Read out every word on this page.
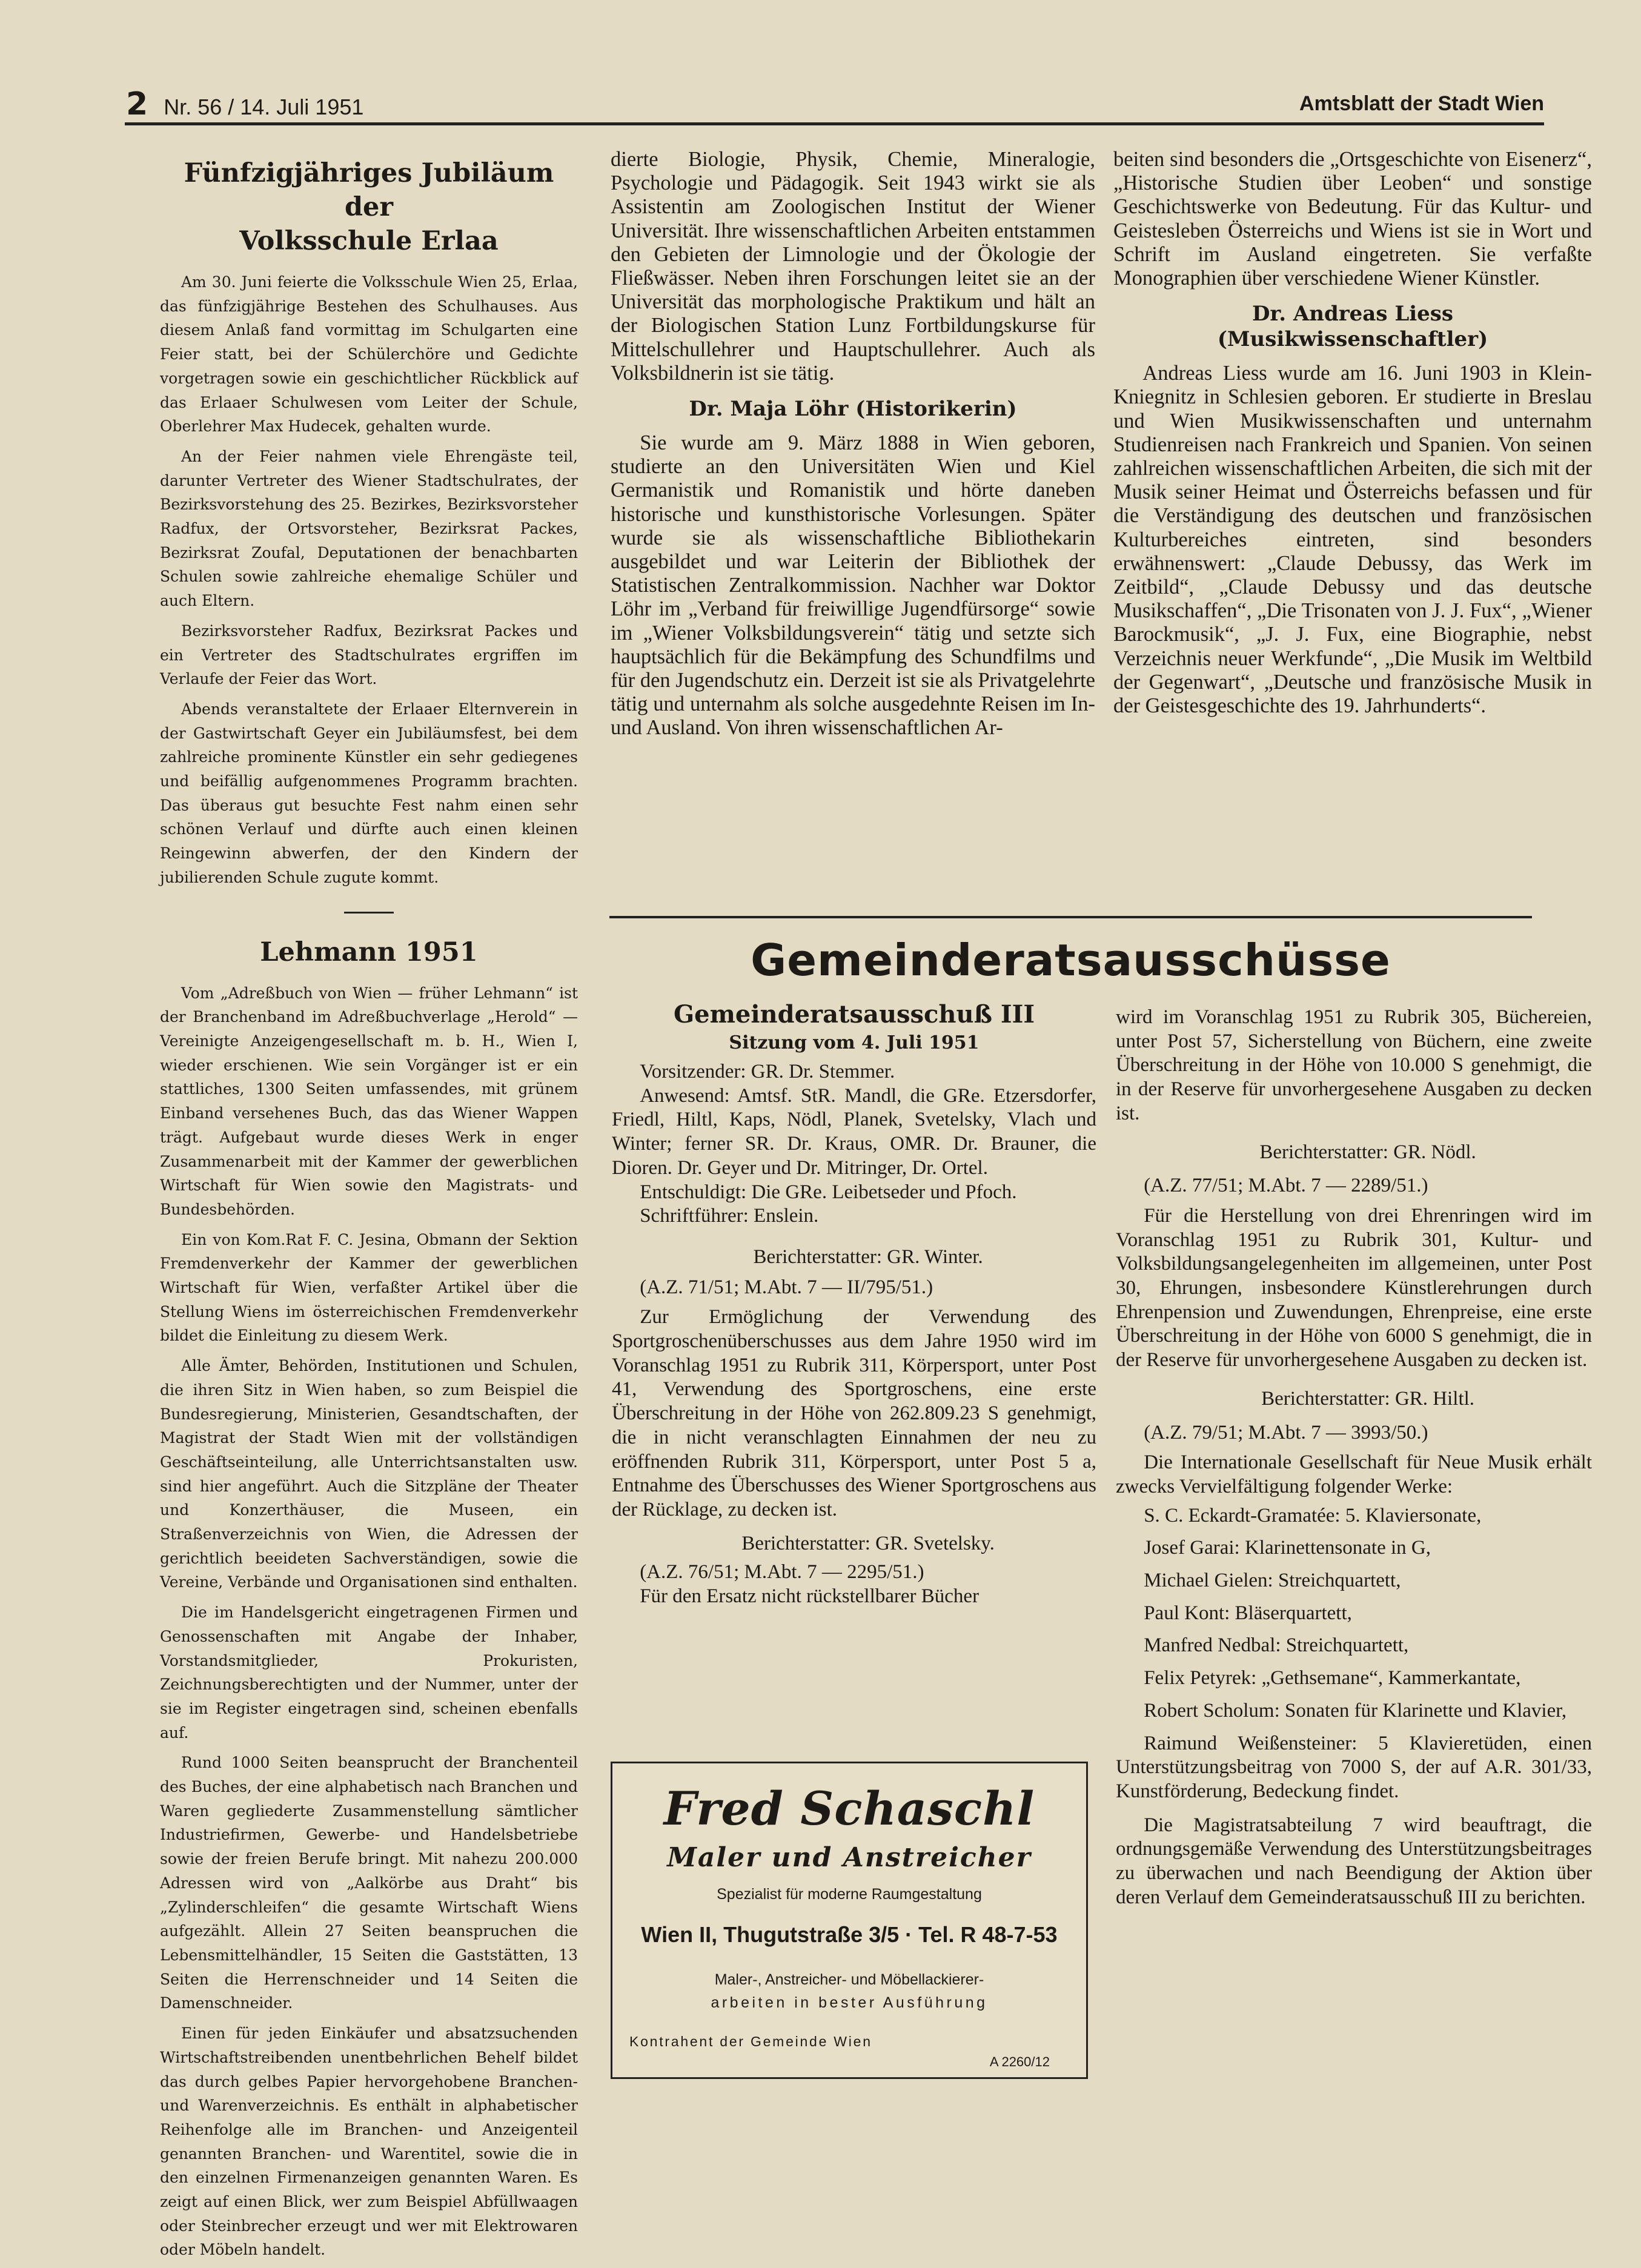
2 Nr. 56 / 14. Juli 1951	Amtsblatt der Stadt Wien
Fünfzigjähriges Jubiläum der
Volksschule Erlaa

Am 30. Juni feierte die Volksschule Wien 25, Erlaa, das fünfzigjährige Bestehen des Schulhauses. Aus diesem Anlaß fand vormittag im Schulgarten eine Feier statt, bei der Schülerchöre und Gedichte vorgetragen sowie ein geschichtlicher Rückblick auf das Erlaaer Schulwesen vom Leiter der Schule, Oberlehrer Max Hudecek, gehalten wurde.

An der Feier nahmen viele Ehrengäste teil, darunter Vertreter des Wiener Stadtschulrates, der Bezirksvorstehung des 25. Bezirkes, Bezirksvorsteher Radfux, der Ortsvorsteher, Bezirksrat Packes, Bezirksrat Zoufal, Deputationen der benachbarten Schulen sowie zahlreiche ehemalige Schüler und auch Eltern.

Bezirksvorsteher Radfux, Bezirksrat Packes und ein Vertreter des Stadtschulrates ergriffen im Verlaufe der Feier das Wort.

Abends veranstaltete der Erlaaer Elternverein in der Gastwirtschaft Geyer ein Jubiläumsfest, bei dem zahlreiche prominente Künstler ein sehr gediegenes und beifällig aufgenommenes Programm brachten. Das überaus gut besuchte Fest nahm einen sehr schönen Verlauf und dürfte auch einen kleinen Reingewinn abwerfen, der den Kindern der jubilierenden Schule zugute kommt.

Lehmann 1951

Vom „Adreßbuch von Wien — früher Lehmann“ ist der Branchenband im Adreßbuchverlage „Herold“ — Vereinigte Anzeigengesellschaft m. b. H., Wien I, wieder erschienen. Wie sein Vorgänger ist er ein stattliches, 1300 Seiten umfassendes, mit grünem Einband versehenes Buch, das das Wiener Wappen trägt. Aufgebaut wurde dieses Werk in enger Zusammenarbeit mit der Kammer der gewerblichen Wirtschaft für Wien sowie den Magistrats- und Bundesbehörden.

Ein von Kom.Rat F. C. Jesina, Obmann der Sektion Fremdenverkehr der Kammer der gewerblichen Wirtschaft für Wien, verfaßter Artikel über die Stellung Wiens im österreichischen Fremdenverkehr bildet die Einleitung zu diesem Werk.

Alle Ämter, Behörden, Institutionen und Schulen, die ihren Sitz in Wien haben, so zum Beispiel die Bundesregierung, Ministerien, Gesandtschaften, der Magistrat der Stadt Wien mit der vollständigen Geschäftseinteilung, alle Unterrichtsanstalten usw. sind hier angeführt. Auch die Sitzpläne der Theater und Konzerthäuser, die Museen, ein Straßenverzeichnis von Wien, die Adressen der gerichtlich beeideten Sachverständigen, sowie die Vereine, Verbände und Organisationen sind enthalten.

Die im Handelsgericht eingetragenen Firmen und Genossenschaften mit Angabe der Inhaber, Vorstandsmitglieder, Prokuristen, Zeichnungsberechtigten und der Nummer, unter der sie im Register eingetragen sind, scheinen ebenfalls auf.

Rund 1000 Seiten beansprucht der Branchenteil des Buches, der eine alphabetisch nach Branchen und Waren gegliederte Zusammenstellung sämtlicher Industriefirmen, Gewerbe- und Handelsbetriebe sowie der freien Berufe bringt. Mit nahezu 200.000 Adressen wird von „Aalkörbe aus Draht“ bis „Zylinderschleifen“ die gesamte Wirtschaft Wiens aufgezählt. Allein 27 Seiten beanspruchen die Lebensmittelhändler, 15 Seiten die Gaststätten, 13 Seiten die Herrenschneider und 14 Seiten die Damenschneider.

Einen für jeden Einkäufer und absatzsuchenden Wirtschaftstreibenden unentbehrlichen Behelf bildet das durch gelbes Papier hervorgehobene Branchen- und Warenverzeichnis. Es enthält in alphabetischer Reihenfolge alle im Branchen- und Anzeigenteil genannten Branchen- und Warentitel, sowie die in den einzelnen Firmenanzeigen genannten Waren. Es zeigt auf einen Blick, wer zum Beispiel Abfüllwaagen oder Steinbrecher erzeugt und wer mit Elektrowaren oder Möbeln handelt.

dierte Biologie, Physik, Chemie, Mineralogie, Psychologie und Pädagogik. Seit 1943 wirkt sie als Assistentin am Zoologischen Institut der Wiener Universität. Ihre wissenschaftlichen Arbeiten entstammen den Gebieten der Limnologie und der Ökologie der Fließwässer. Neben ihren Forschungen leitet sie an der Universität das morphologische Praktikum und hält an der Biologischen Station Lunz Fortbildungskurse für Mittelschullehrer und Hauptschullehrer. Auch als Volksbildnerin ist sie tätig.

Dr. Maja Löhr (Historikerin)

Sie wurde am 9. März 1888 in Wien geboren, studierte an den Universitäten Wien und Kiel Germanistik und Romanistik und hörte daneben historische und kunsthistorische Vorlesungen. Später wurde sie als wissenschaftliche Bibliothekarin ausgebildet und war Leiterin der Bibliothek der Statistischen Zentralkommission. Nachher war Doktor Löhr im „Verband für freiwillige Jugendfürsorge“ sowie im „Wiener Volksbildungsverein“ tätig und setzte sich hauptsächlich für die Bekämpfung des Schundfilms und für den Jugendschutz ein. Derzeit ist sie als Privatgelehrte tätig und unternahm als solche ausgedehnte Reisen im In- und Ausland. Von ihren wissenschaftlichen Ar-

beiten sind besonders die „Ortsgeschichte von Eisenerz“, „Historische Studien über Leoben“ und sonstige Geschichtswerke von Bedeutung. Für das Kultur- und Geistesleben Österreichs und Wiens ist sie in Wort und Schrift im Ausland eingetreten. Sie verfaßte Monographien über verschiedene Wiener Künstler.

Dr. Andreas Liess (Musikwissenschaftler)

Andreas Liess wurde am 16. Juni 1903 in Klein-Kniegnitz in Schlesien geboren. Er studierte in Breslau und Wien Musikwissenschaften und unternahm Studienreisen nach Frankreich und Spanien. Von seinen zahlreichen wissenschaftlichen Arbeiten, die sich mit der Musik seiner Heimat und Österreichs befassen und für die Verständigung des deutschen und französischen Kulturbereiches eintreten, sind besonders erwähnenswert: „Claude Debussy, das Werk im Zeitbild“, „Claude Debussy und das deutsche Musikschaffen“, „Die Trisonaten von J. J. Fux“, „Wiener Barockmusik“, „J. J. Fux, eine Biographie, nebst Verzeichnis neuer Werkfunde“, „Die Musik im Weltbild der Gegenwart“, „Deutsche und französische Musik in der Geistesgeschichte des 19. Jahrhunderts“.

Gemeinderatsausschüsse
Gemeinderatsausschuß III
Sitzung vom 4. Juli 1951

Vorsitzender: GR. Dr. Stemmer.

Anwesend: Amtsf. StR. Mandl, die GRe. Etzersdorfer, Friedl, Hiltl, Kaps, Nödl, Planek, Svetelsky, Vlach und Winter; ferner SR. Dr. Kraus, OMR. Dr. Brauner, die Dioren. Dr. Geyer und Dr. Mitringer, Dr. Ortel.

Entschuldigt: Die GRe. Leibetseder und Pfoch.

Schriftführer: Enslein.

Berichterstatter: GR. Winter.

(A.Z. 71/51; M.Abt. 7 — II/795/51.)

Zur Ermöglichung der Verwendung des Sportgroschenüberschusses aus dem Jahre 1950 wird im Voranschlag 1951 zu Rubrik 311, Körpersport, unter Post 41, Verwendung des Sportgroschens, eine erste Überschreitung in der Höhe von 262.809.23 S genehmigt, die in nicht veranschlagten Einnahmen der neu zu eröffnenden Rubrik 311, Körpersport, unter Post 5 a, Entnahme des Überschusses des Wiener Sportgroschens aus der Rücklage, zu decken ist.

Berichterstatter: GR. Svetelsky.

(A.Z. 76/51; M.Abt. 7 — 2295/51.)

Für den Ersatz nicht rückstellbarer Bücher

wird im Voranschlag 1951 zu Rubrik 305, Büchereien, unter Post 57, Sicherstellung von Büchern, eine zweite Überschreitung in der Höhe von 10.000 S genehmigt, die in der Reserve für unvorhergesehene Ausgaben zu decken ist.

Berichterstatter: GR. Nödl.

(A.Z. 77/51; M.Abt. 7 — 2289/51.)

Für die Herstellung von drei Ehrenringen wird im Voranschlag 1951 zu Rubrik 301, Kultur- und Volksbildungsangelegenheiten im allgemeinen, unter Post 30, Ehrungen, insbesondere Künstlerehrungen durch Ehrenpension und Zuwendungen, Ehrenpreise, eine erste Überschreitung in der Höhe von 6000 S genehmigt, die in der Reserve für unvorhergesehene Ausgaben zu decken ist.

Berichterstatter: GR. Hiltl.

(A.Z. 79/51; M.Abt. 7 — 3993/50.)

Die Internationale Gesellschaft für Neue Musik erhält zwecks Vervielfältigung folgender Werke:

S. C. Eckardt-Gramatée: 5. Klaviersonate,

Josef Garai: Klarinettensonate in G,

Michael Gielen: Streichquartett,

Paul Kont: Bläserquartett,

Manfred Nedbal: Streichquartett,

Felix Petyrek: „Gethsemane“, Kammerkantate,

Robert Scholum: Sonaten für Klarinette und Klavier,

Raimund Weißensteiner: 5 Klavieretüden, einen Unterstützungsbeitrag von 7000 S, der auf A.R. 301/33, Kunstförderung, Bedeckung findet.

Die Magistratsabteilung 7 wird beauftragt, die ordnungsgemäße Verwendung des Unterstützungsbeitrages zu überwachen und nach Beendigung der Aktion über deren Verlauf dem Gemeinderatsausschuß III zu berichten.

Fred Schaschl
Maler und Anstreicher
Spezialist für moderne Raumgestaltung
Wien II, Thugutstraße 3/5 · Tel. R 48-7-53
Maler-, Anstreicher- und Möbellackierer-
arbeiten in bester Ausführung
Kontrahent der Gemeinde Wien
A 2260/12
